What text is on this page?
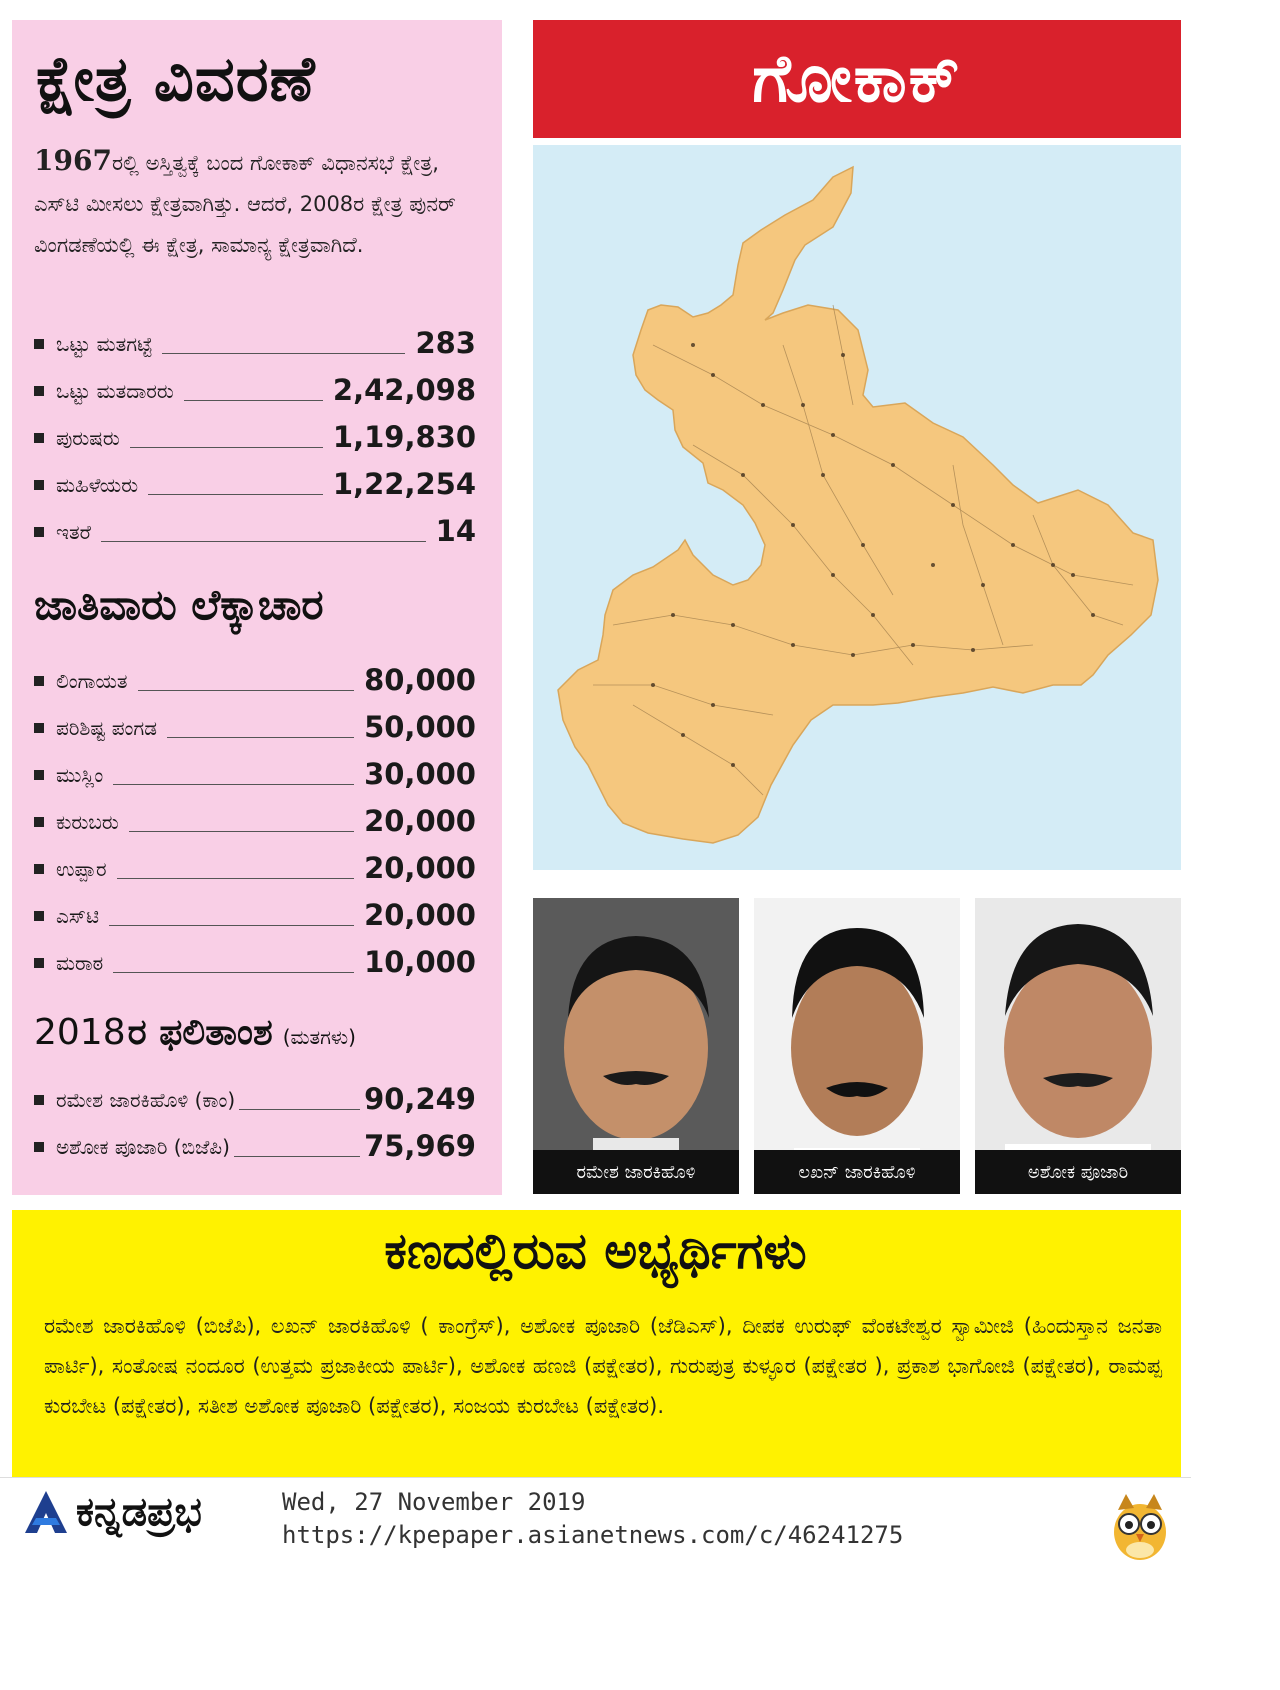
ಕ್ಷೇತ್ರ ವಿವರಣೆ
1967ರಲ್ಲಿ ಅಸ್ತಿತ್ವಕ್ಕೆ ಬಂದ ಗೋಕಾಕ್ ವಿಧಾನಸಭೆ ಕ್ಷೇತ್ರ, ಎಸ್‌ಟಿ ಮೀಸಲು ಕ್ಷೇತ್ರವಾಗಿತ್ತು. ಆದರೆ, 2008ರ ಕ್ಷೇತ್ರ ಪುನರ್ ವಿಂಗಡಣೆಯಲ್ಲಿ ಈ ಕ್ಷೇತ್ರ, ಸಾಮಾನ್ಯ ಕ್ಷೇತ್ರವಾಗಿದೆ.
ಒಟ್ಟು ಮತಗಟ್ಟೆ	283
ಒಟ್ಟು ಮತದಾರರು	2,42,098
ಪುರುಷರು	1,19,830
ಮಹಿಳೆಯರು	1,22,254
ಇತರೆ	14
ಜಾತಿವಾರು ಲೆಕ್ಕಾಚಾರ
ಲಿಂಗಾಯತ	80,000
ಪರಿಶಿಷ್ಟ ಪಂಗಡ	50,000
ಮುಸ್ಲಿಂ	30,000
ಕುರುಬರು	20,000
ಉಪ್ಪಾರ	20,000
ಎಸ್‌ಟಿ	20,000
ಮರಾಠ	10,000
2018 ರ ಫಲಿತಾಂಶ (ಮತಗಳು)
ರಮೇಶ ಜಾರಕಿಹೊಳಿ (ಕಾಂ)	90,249
ಅಶೋಕ ಪೂಜಾರಿ (ಬಿಜೆಪಿ)	75,969
ಗೋಕಾಕ್
ರಮೇಶ ಜಾರಕಿಹೊಳಿ	ಲಖನ್ ಜಾರಕಿಹೊಳಿ	ಅಶೋಕ ಪೂಜಾರಿ
ಕಣದಲ್ಲಿರುವ ಅಭ್ಯರ್ಥಿಗಳು
ರಮೇಶ ಜಾರಕಿಹೊಳಿ (ಬಿಜೆಪಿ), ಲಖನ್ ಜಾರಕಿಹೊಳಿ ( ಕಾಂಗ್ರೆಸ್), ಅಶೋಕ ಪೂಜಾರಿ (ಜೆಡಿಎಸ್), ದೀಪಕ ಉರುಫ್ ವೆಂಕಟೇಶ್ವರ ಸ್ವಾಮೀಜಿ (ಹಿಂದುಸ್ತಾನ ಜನತಾ ಪಾರ್ಟಿ), ಸಂತೋಷ ನಂದೂರ (ಉತ್ತಮ ಪ್ರಜಾಕೀಯ ಪಾರ್ಟಿ), ಅಶೋಕ ಹಣಜಿ (ಪಕ್ಷೇತರ), ಗುರುಪುತ್ರ ಕುಳ್ಳೂರ (ಪಕ್ಷೇತರ ), ಪ್ರಕಾಶ ಭಾಗೋಜಿ (ಪಕ್ಷೇತರ), ರಾಮಪ್ಪ ಕುರಬೇಟ (ಪಕ್ಷೇತರ), ಸತೀಶ ಅಶೋಕ ಪೂಜಾರಿ (ಪಕ್ಷೇತರ), ಸಂಜಯ ಕುರಬೇಟ (ಪಕ್ಷೇತರ).
ಕನ್ನಡಪ್ರಭ	Wed, 27 November 2019
https://kpepaper.asianetnews.com/c/46241275
